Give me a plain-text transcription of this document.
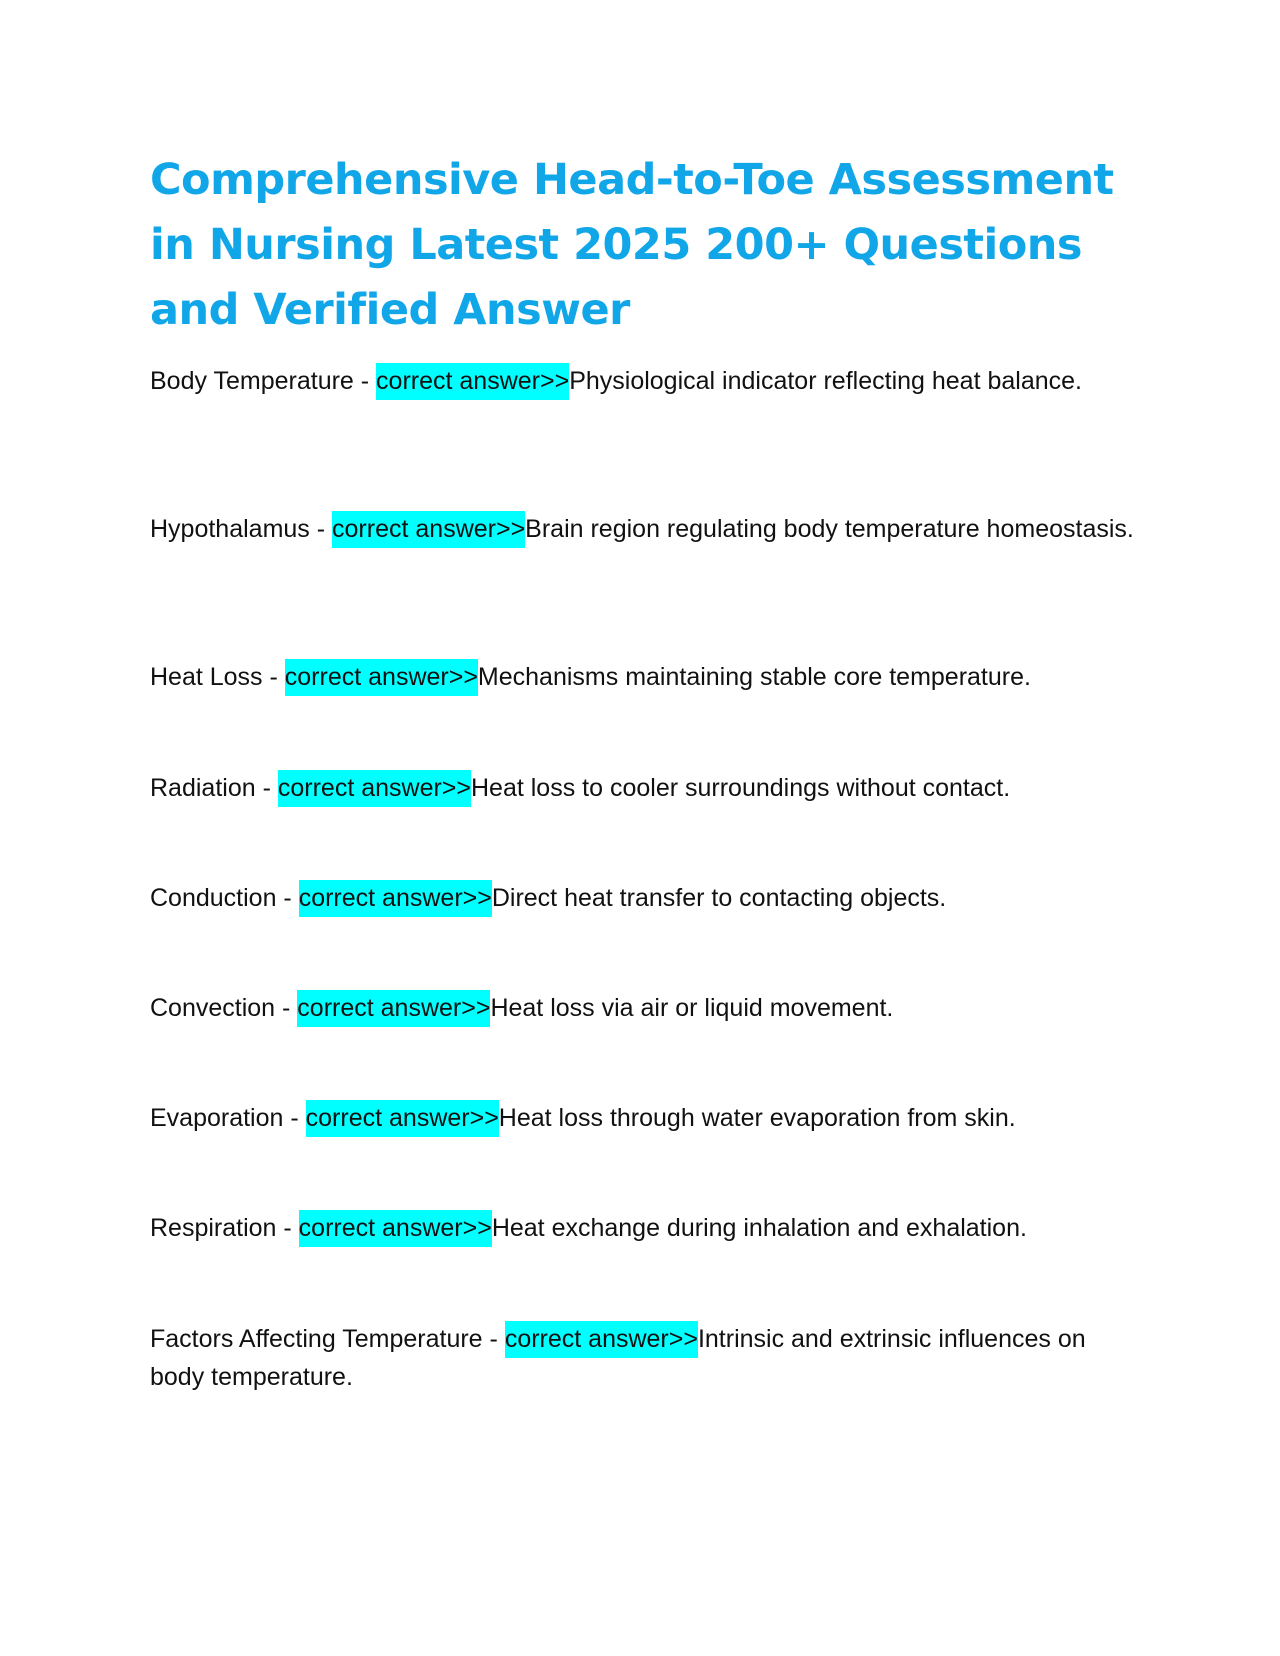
Comprehensive Head-to-Toe Assessment in Nursing Latest 2025 200+ Questions and Verified Answer
Body Temperature - correct answer>>Physiological indicator reflecting heat balance.
Hypothalamus - correct answer>>Brain region regulating body temperature homeostasis.
Heat Loss - correct answer>>Mechanisms maintaining stable core temperature.
Radiation - correct answer>>Heat loss to cooler surroundings without contact.
Conduction - correct answer>>Direct heat transfer to contacting objects.
Convection - correct answer>>Heat loss via air or liquid movement.
Evaporation - correct answer>>Heat loss through water evaporation from skin.
Respiration - correct answer>>Heat exchange during inhalation and exhalation.
Factors Affecting Temperature - correct answer>>Intrinsic and extrinsic influences on body temperature.
